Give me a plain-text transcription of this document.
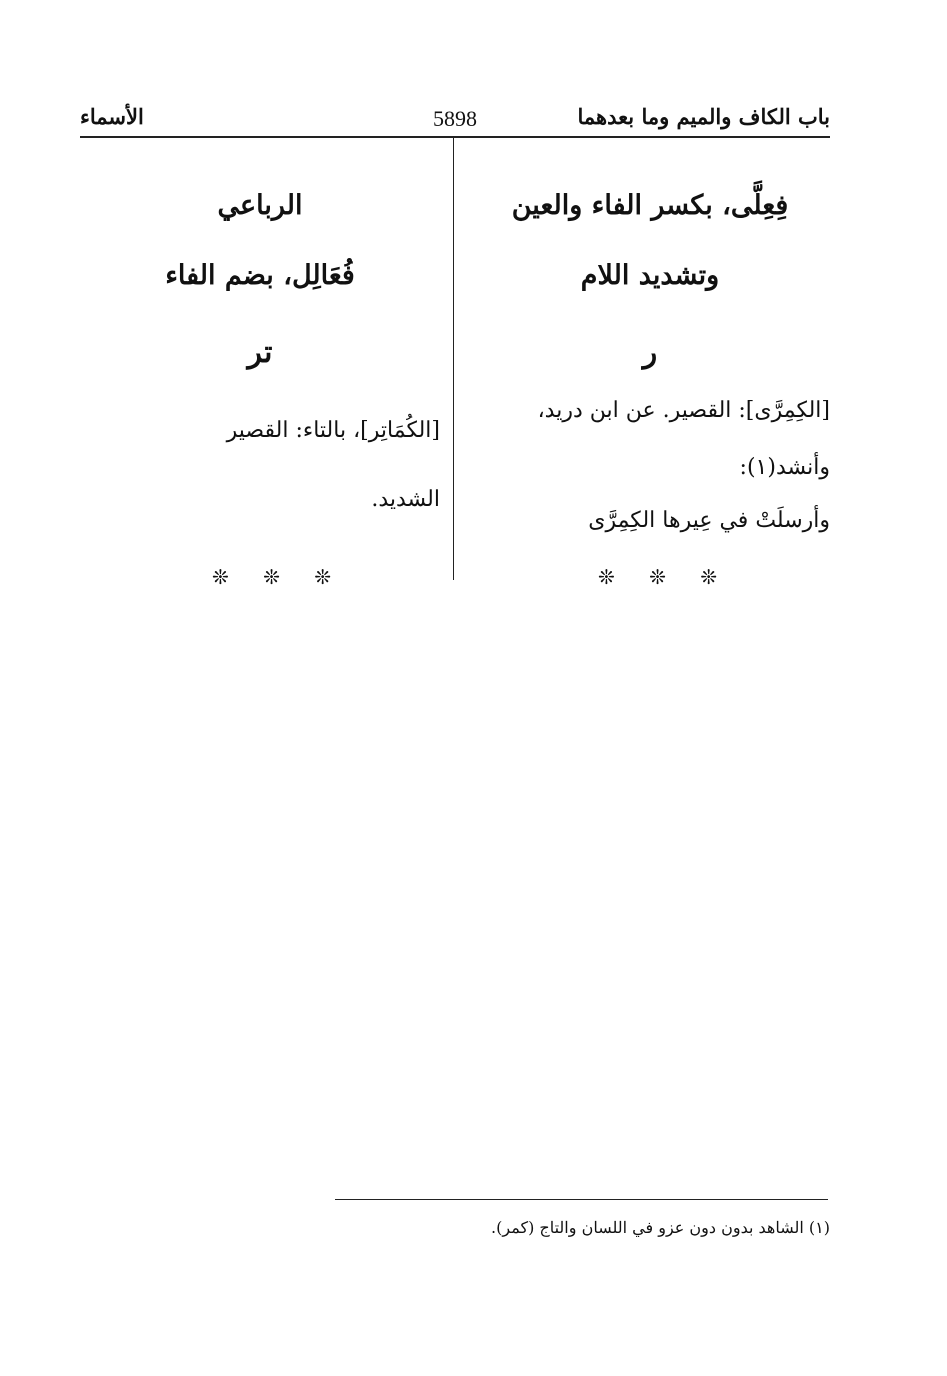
باب الكاف والميم وما بعدهما
5898
الأسماء
فِعِلَّى، بكسر الفاء والعين
وتشديد اللام
ر
[الكِمِرَّى]: القصير. عن ابن دريد،
وأنشد(١):
وأرسلَتْ في عِيرها الكِمِرَّى
❊ ❊ ❊
الرباعي
فُعَالِل، بضم الفاء
تر
[الكُمَاتِر]، بالتاء: القصير
الشديد.
❊ ❊ ❊
(١) الشاهد بدون دون عزو في اللسان والتاج (كمر).
